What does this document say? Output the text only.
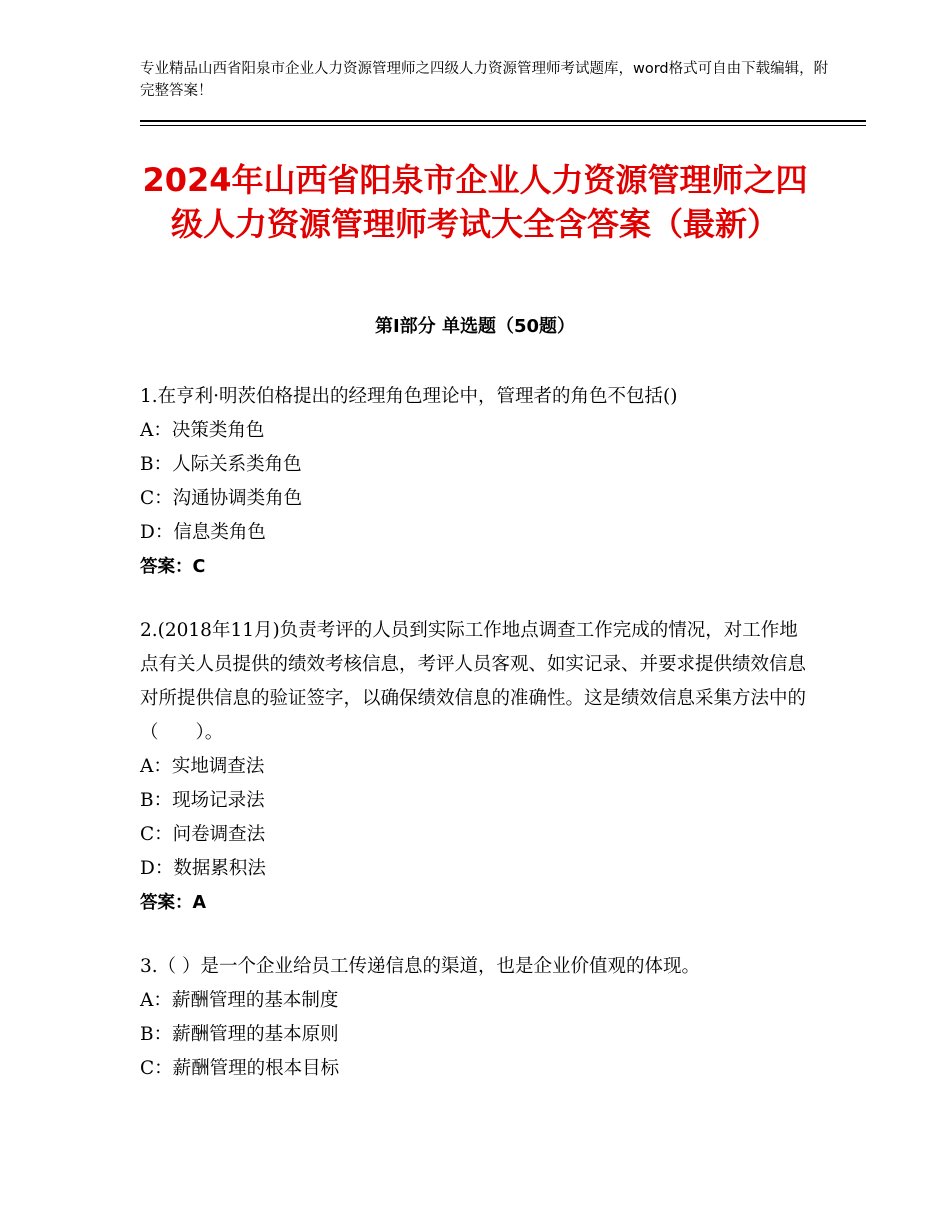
专业精品山西省阳泉市企业人力资源管理师之四级人力资源管理师考试题库，word格式可自由下载编辑，附完整答案！
2024年山西省阳泉市企业人力资源管理师之四级人力资源管理师考试大全含答案（最新）
第Ⅰ部分 单选题（50题）
1.在亨利·明茨伯格提出的经理角色理论中，管理者的角色不包括()
A：决策类角色
B：人际关系类角色
C：沟通协调类角色
D：信息类角色
答案：C
2.(2018年11月)负责考评的人员到实际工作地点调查工作完成的情况，对工作地点有关人员提供的绩效考核信息，考评人员客观、如实记录、并要求提供绩效信息对所提供信息的验证签字，以确保绩效信息的准确性。这是绩效信息采集方法中的（　　）。
A：实地调查法
B：现场记录法
C：问卷调查法
D：数据累积法
答案：A
3.（ ）是一个企业给员工传递信息的渠道，也是企业价值观的体现。
A：薪酬管理的基本制度
B：薪酬管理的基本原则
C：薪酬管理的根本目标
